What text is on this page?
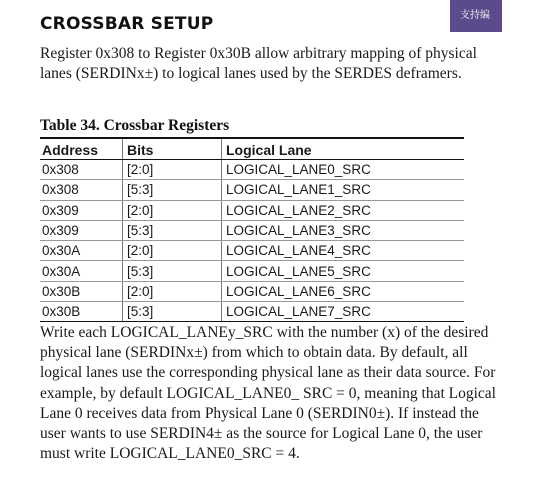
支持编
CROSSBAR SETUP

Register 0x308 to Register 0x30B allow arbitrary mapping of physical lanes (SERDINx±) to logical lanes used by the SERDES deframers.

Table 34. Crossbar Registers
Address	Bits	Logical Lane
0x308	[2:0]	LOGICAL_LANE0_SRC
0x308	[5:3]	LOGICAL_LANE1_SRC
0x309	[2:0]	LOGICAL_LANE2_SRC
0x309	[5:3]	LOGICAL_LANE3_SRC
0x30A	[2:0]	LOGICAL_LANE4_SRC
0x30A	[5:3]	LOGICAL_LANE5_SRC
0x30B	[2:0]	LOGICAL_LANE6_SRC
0x30B	[5:3]	LOGICAL_LANE7_SRC

Write each LOGICAL_LANEy_SRC with the number (x) of the desired physical lane (SERDINx±) from which to obtain data. By default, all logical lanes use the corresponding physical lane as their data source. For example, by default LOGICAL_LANE0_ SRC = 0, meaning that Logical Lane 0 receives data from Physical Lane 0 (SERDIN0±). If instead the user wants to use SERDIN4± as the source for Logical Lane 0, the user must write LOGICAL_LANE0_SRC = 4.
